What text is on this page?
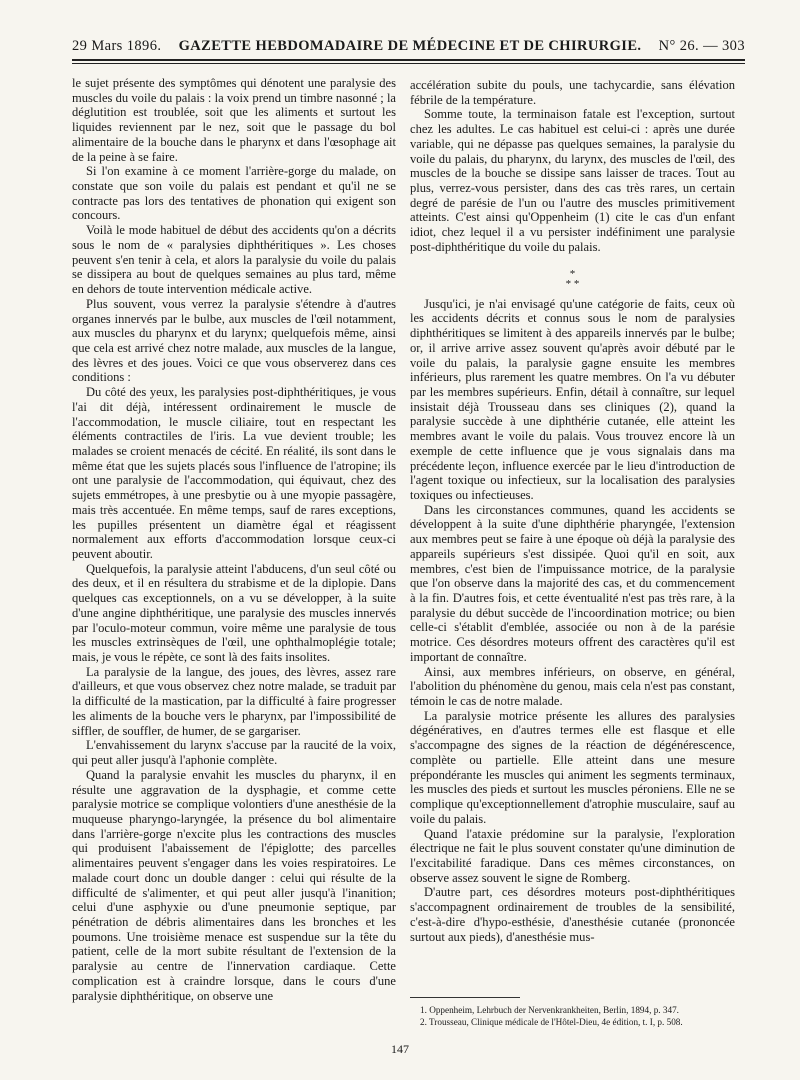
29 Mars 1896. GAZETTE HEBDOMADAIRE DE MÉDECINE ET DE CHIRURGIE. N° 26. — 303

le sujet présente des symptômes qui dénotent une paralysie des muscles du voile du palais : la voix prend un timbre nasonné ; la déglutition est troublée, soit que les aliments et surtout les liquides reviennent par le nez, soit que le passage du bol alimentaire de la bouche dans le pharynx et dans l'œsophage ait de la peine à se faire.

Si l'on examine à ce moment l'arrière-gorge du malade, on constate que son voile du palais est pendant et qu'il ne se contracte pas lors des tentatives de phonation qui exigent son concours.

Voilà le mode habituel de début des accidents qu'on a décrits sous le nom de « paralysies diphthéritiques ». Les choses peuvent s'en tenir à cela, et alors la paralysie du voile du palais se dissipera au bout de quelques semaines au plus tard, même en dehors de toute intervention médicale active.

Plus souvent, vous verrez la paralysie s'étendre à d'autres organes innervés par le bulbe, aux muscles de l'œil notamment, aux muscles du pharynx et du larynx; quelquefois même, ainsi que cela est arrivé chez notre malade, aux muscles de la langue, des lèvres et des joues. Voici ce que vous observerez dans ces conditions :

Du côté des yeux, les paralysies post-diphthéritiques, je vous l'ai dit déjà, intéressent ordinairement le muscle de l'accommodation, le muscle ciliaire, tout en respectant les éléments contractiles de l'iris. La vue devient trouble; les malades se croient menacés de cécité. En réalité, ils sont dans le même état que les sujets placés sous l'influence de l'atropine; ils ont une paralysie de l'accommodation, qui équivaut, chez des sujets emmétropes, à une presbytie ou à une myopie passagère, mais très accentuée. En même temps, sauf de rares exceptions, les pupilles présentent un diamètre égal et réagissent normalement aux efforts d'accommodation lorsque ceux-ci peuvent aboutir.

Quelquefois, la paralysie atteint l'abducens, d'un seul côté ou des deux, et il en résultera du strabisme et de la diplopie. Dans quelques cas exceptionnels, on a vu se développer, à la suite d'une angine diphthéritique, une paralysie des muscles innervés par l'oculo-moteur commun, voire même une paralysie de tous les muscles extrinsèques de l'œil, une ophthalmoplégie totale; mais, je vous le répète, ce sont là des faits insolites.

La paralysie de la langue, des joues, des lèvres, assez rare d'ailleurs, et que vous observez chez notre malade, se traduit par la difficulté de la mastication, par la difficulté à faire progresser les aliments de la bouche vers le pharynx, par l'impossibilité de siffler, de souffler, de humer, de se gargariser.

L'envahissement du larynx s'accuse par la raucité de la voix, qui peut aller jusqu'à l'aphonie complète.

Quand la paralysie envahit les muscles du pharynx, il en résulte une aggravation de la dysphagie, et comme cette paralysie motrice se complique volontiers d'une anesthésie de la muqueuse pharyngo-laryngée, la présence du bol alimentaire dans l'arrière-gorge n'excite plus les contractions des muscles qui produisent l'abaissement de l'épiglotte; des parcelles alimentaires peuvent s'engager dans les voies respiratoires. Le malade court donc un double danger : celui qui résulte de la difficulté de s'alimenter, et qui peut aller jusqu'à l'inanition; celui d'une asphyxie ou d'une pneumonie septique, par pénétration de débris alimentaires dans les bronches et les poumons. Une troisième menace est suspendue sur la tête du patient, celle de la mort subite résultant de l'extension de la paralysie au centre de l'innervation cardiaque. Cette complication est à craindre lorsque, dans le cours d'une paralysie diphthéritique, on observe une

accélération subite du pouls, une tachycardie, sans élévation fébrile de la température.

Somme toute, la terminaison fatale est l'exception, surtout chez les adultes. Le cas habituel est celui-ci : après une durée variable, qui ne dépasse pas quelques semaines, la paralysie du voile du palais, du pharynx, du larynx, des muscles de l'œil, des muscles de la bouche se dissipe sans laisser de traces. Tout au plus, verrez-vous persister, dans des cas très rares, un certain degré de parésie de l'un ou l'autre des muscles primitivement atteints. C'est ainsi qu'Oppenheim (1) cite le cas d'un enfant idiot, chez lequel il a vu persister indéfiniment une paralysie post-diphthéritique du voile du palais.

*
* *

Jusqu'ici, je n'ai envisagé qu'une catégorie de faits, ceux où les accidents décrits et connus sous le nom de paralysies diphthéritiques se limitent à des appareils innervés par le bulbe; or, il arrive arrive assez souvent qu'après avoir débuté par le voile du palais, la paralysie gagne ensuite les membres inférieurs, plus rarement les quatre membres. On l'a vu débuter par les membres supérieurs. Enfin, détail à connaître, sur lequel insistait déjà Trousseau dans ses cliniques (2), quand la paralysie succède à une diphthérie cutanée, elle atteint les membres avant le voile du palais. Vous trouvez encore là un exemple de cette influence que je vous signalais dans ma précédente leçon, influence exercée par le lieu d'introduction de l'agent toxique ou infectieux, sur la localisation des paralysies toxiques ou infectieuses.

Dans les circonstances communes, quand les accidents se développent à la suite d'une diphthérie pharyngée, l'extension aux membres peut se faire à une époque où déjà la paralysie des appareils supérieurs s'est dissipée. Quoi qu'il en soit, aux membres, c'est bien de l'impuissance motrice, de la paralysie que l'on observe dans la majorité des cas, et du commencement à la fin. D'autres fois, et cette éventualité n'est pas très rare, à la paralysie du début succède de l'incoordination motrice; ou bien celle-ci s'établit d'emblée, associée ou non à de la parésie motrice. Ces désordres moteurs offrent des caractères qu'il est important de connaître.

Ainsi, aux membres inférieurs, on observe, en général, l'abolition du phénomène du genou, mais cela n'est pas constant, témoin le cas de notre malade.

La paralysie motrice présente les allures des paralysies dégénératives, en d'autres termes elle est flasque et elle s'accompagne des signes de la réaction de dégénérescence, complète ou partielle. Elle atteint dans une mesure prépondérante les muscles qui animent les segments terminaux, les muscles des pieds et surtout les muscles péroniens. Elle ne se complique qu'exceptionnellement d'atrophie musculaire, sauf au voile du palais.

Quand l'ataxie prédomine sur la paralysie, l'exploration électrique ne fait le plus souvent constater qu'une diminution de l'excitabilité faradique. Dans ces mêmes circonstances, on observe assez souvent le signe de Romberg.

D'autre part, ces désordres moteurs post-diphthéritiques s'accompagnent ordinairement de troubles de la sensibilité, c'est-à-dire d'hypo-esthésie, d'anesthésie cutanée (prononcée surtout aux pieds), d'anesthésie mus-

1. Oppenheim, Lehrbuch der Nervenkrankheiten, Berlin, 1894, p. 347.
2. Trousseau, Clinique médicale de l'Hôtel-Dieu, 4e édition, t. I, p. 508.
147
